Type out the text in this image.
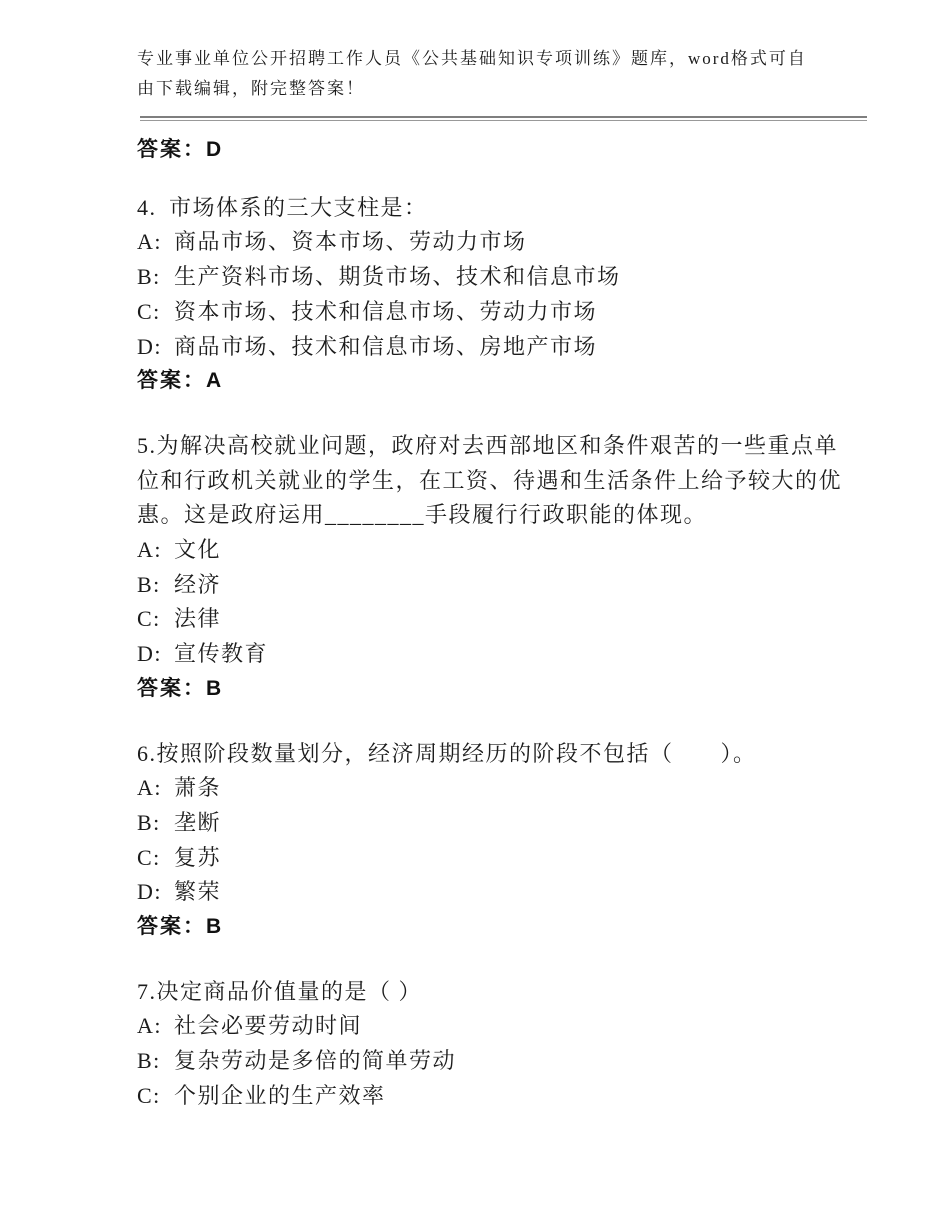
专业事业单位公开招聘工作人员《公共基础知识专项训练》题库，word格式可自由下载编辑，附完整答案！

答案：D

4. 市场体系的三大支柱是：

A: 商品市场、资本市场、劳动力市场
B: 生产资料市场、期货市场、技术和信息市场
C: 资本市场、技术和信息市场、劳动力市场
D: 商品市场、技术和信息市场、房地产市场

答案：A

5.为解决高校就业问题，政府对去西部地区和条件艰苦的一些重点单位和行政机关就业的学生，在工资、待遇和生活条件上给予较大的优惠。这是政府运用________手段履行行政职能的体现。

A: 文化
B: 经济
C: 法律
D: 宣传教育

答案：B

6.按照阶段数量划分，经济周期经历的阶段不包括（　　）。

A: 萧条
B: 垄断
C: 复苏
D: 繁荣

答案：B

7.决定商品价值量的是（ ）

A: 社会必要劳动时间
B: 复杂劳动是多倍的简单劳动
C: 个别企业的生产效率
